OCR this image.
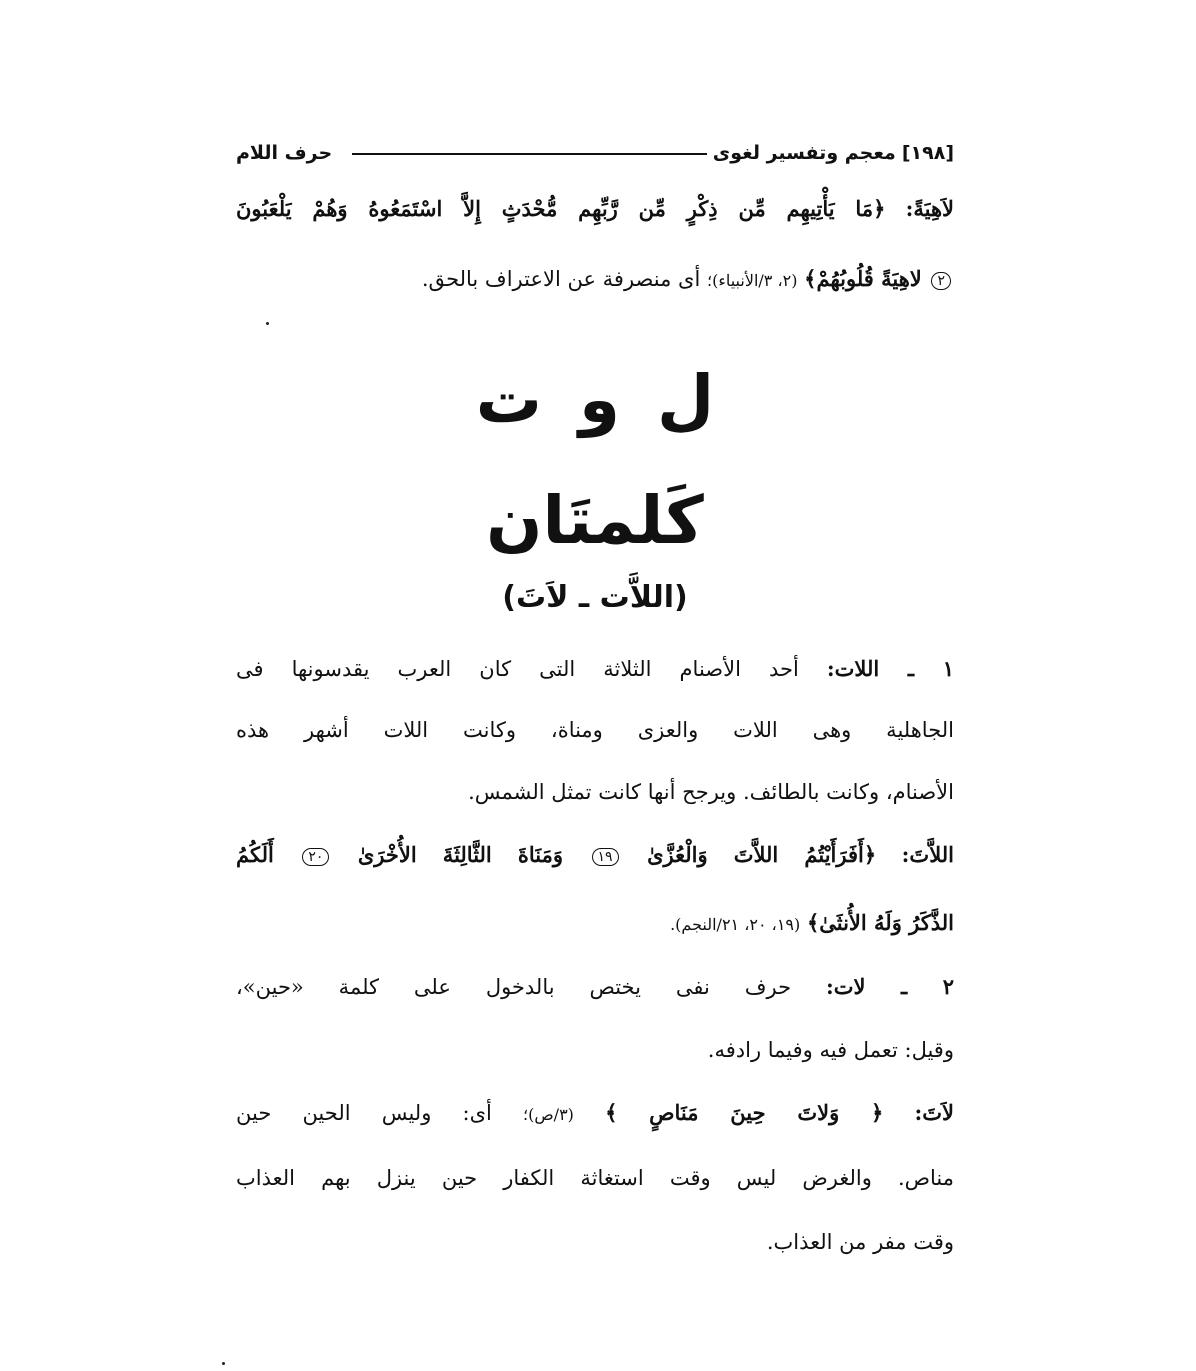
[١٩٨]
معجم وتفسير لغوى
حرف اللام
لاَهِيَةً: ﴿مَا يَأْتِيهِم مِّن ذِكْرٍ مِّن رَّبِّهِم مُّحْدَثٍ إِلاَّ اسْتَمَعُوهُ وَهُمْ يَلْعَبُونَ
٢ لاهِيَةً قُلُوبُهُمْ﴾ (٢، ٣/الأنبياء)؛ أى منصرفة عن الاعتراف بالحق.
ل و ت
كَلمتَان
(اللاَّت ـ لاَتَ)
١ ـ اللات: أحد الأصنام الثلاثة التى كان العرب يقدسونها فى
الجاهلية وهى اللات والعزى ومناة، وكانت اللات أشهر هذه
الأصنام، وكانت بالطائف. ويرجح أنها كانت تمثل الشمس.
اللاَّتَ: ﴿أَفَرَأَيْتُمُ اللاَّتَ وَالْعُزَّىٰ ١٩ وَمَنَاةَ الثَّالِثَةَ الأُخْرَىٰ ٢٠ أَلَكُمُ
الذَّكَرُ وَلَهُ الأُنثَىٰ﴾ (١٩، ٢٠، ٢١/النجم).
٢ ـ لات: حرف نفى يختص بالدخول على كلمة «حين»،
وقيل: تعمل فيه وفيما رادفه.
لاَتَ: ﴿ وَلاتَ حِينَ مَنَاصٍ ﴾ (٣/ص)؛ أى: وليس الحين حين
مناص. والغرض ليس وقت استغاثة الكفار حين ينزل بهم العذاب
وقت مفر من العذاب.
